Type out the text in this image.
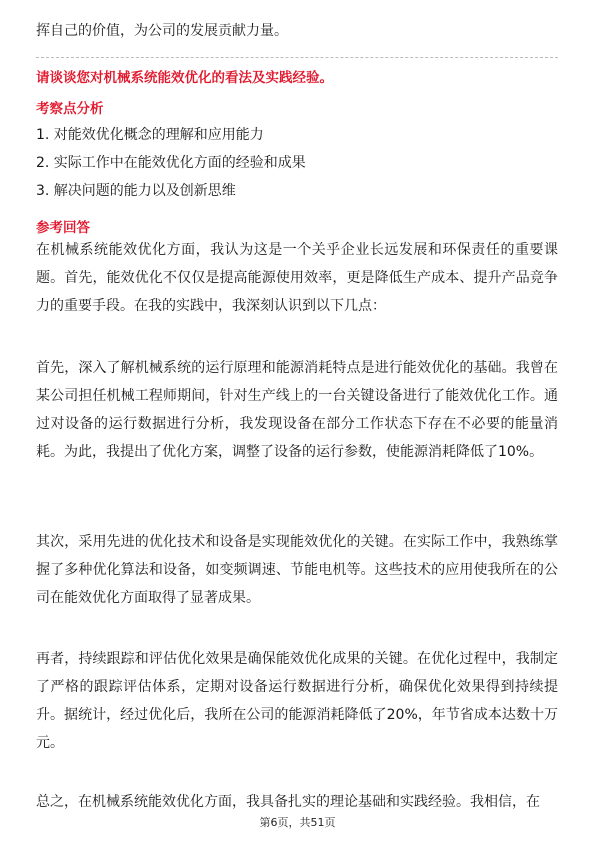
挥自己的价值，为公司的发展贡献力量。
请谈谈您对机械系统能效优化的看法及实践经验。
考察点分析
1. 对能效优化概念的理解和应用能力
2. 实际工作中在能效优化方面的经验和成果
3. 解决问题的能力以及创新思维
参考回答

在机械系统能效优化方面，我认为这是一个关乎企业长远发展和环保责任的重要课题。首先，能效优化不仅仅是提高能源使用效率，更是降低生产成本、提升产品竞争力的重要手段。在我的实践中，我深刻认识到以下几点：

首先，深入了解机械系统的运行原理和能源消耗特点是进行能效优化的基础。我曾在某公司担任机械工程师期间，针对生产线上的一台关键设备进行了能效优化工作。通过对设备的运行数据进行分析，我发现设备在部分工作状态下存在不必要的能量消耗。为此，我提出了优化方案，调整了设备的运行参数，使能源消耗降低了10%。

其次，采用先进的优化技术和设备是实现能效优化的关键。在实际工作中，我熟练掌握了多种优化算法和设备，如变频调速、节能电机等。这些技术的应用使我所在的公司在能效优化方面取得了显著成果。

再者，持续跟踪和评估优化效果是确保能效优化成果的关键。在优化过程中，我制定了严格的跟踪评估体系，定期对设备运行数据进行分析，确保优化效果得到持续提升。据统计，经过优化后，我所在公司的能源消耗降低了20%，年节省成本达数十万元。

总之，在机械系统能效优化方面，我具备扎实的理论基础和实践经验。我相信，在

第6页，共51页
